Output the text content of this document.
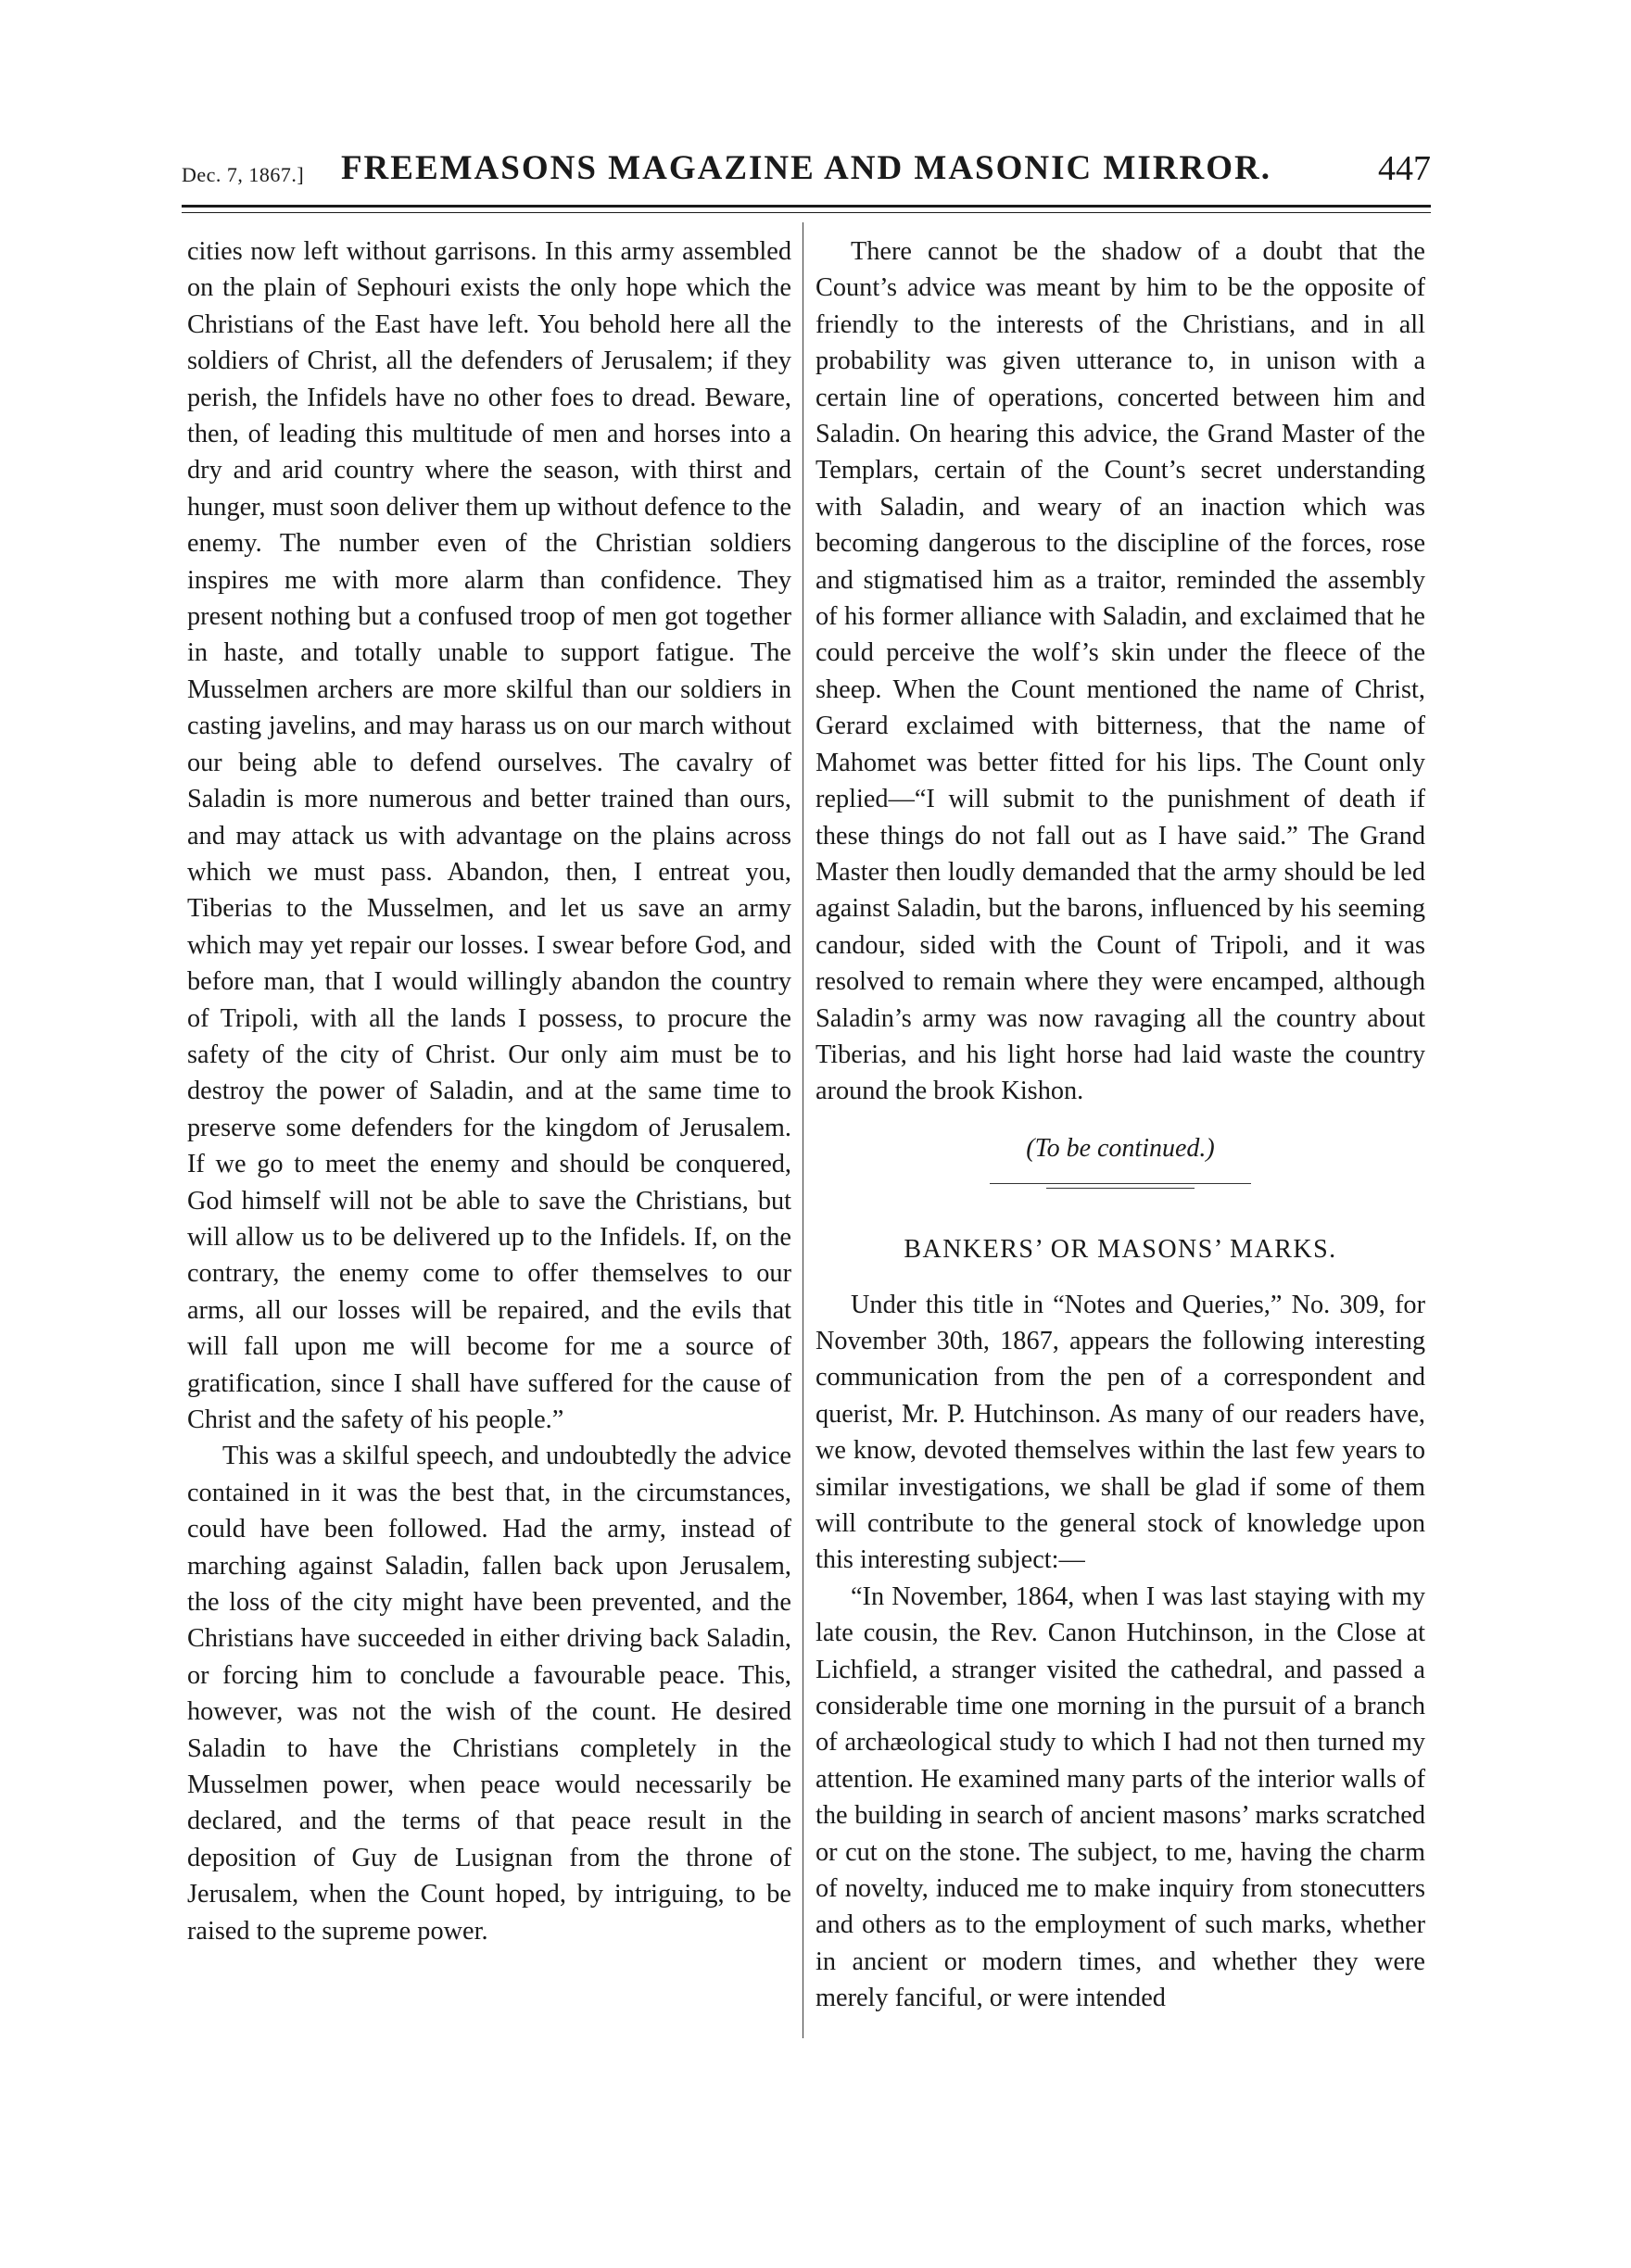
Dec. 7, 1867.]	FREEMASONS MAGAZINE AND MASONIC MIRROR.	447

cities now left without garrisons. In this army assembled on the plain of Sephouri exists the only hope which the Christians of the East have left. You behold here all the soldiers of Christ, all the defenders of Jerusalem; if they perish, the Infidels have no other foes to dread. Beware, then, of leading this multitude of men and horses into a dry and arid country where the season, with thirst and hunger, must soon deliver them up without defence to the enemy. The number even of the Christian soldiers inspires me with more alarm than confidence. They present nothing but a confused troop of men got together in haste, and totally unable to support fatigue. The Musselmen archers are more skilful than our soldiers in casting javelins, and may harass us on our march without our being able to defend ourselves. The cavalry of Saladin is more numerous and better trained than ours, and may attack us with advantage on the plains across which we must pass. Abandon, then, I entreat you, Tiberias to the Musselmen, and let us save an army which may yet repair our losses. I swear before God, and before man, that I would willingly abandon the country of Tripoli, with all the lands I possess, to procure the safety of the city of Christ. Our only aim must be to destroy the power of Saladin, and at the same time to preserve some defenders for the kingdom of Jerusalem. If we go to meet the enemy and should be conquered, God himself will not be able to save the Christians, but will allow us to be delivered up to the Infidels. If, on the contrary, the enemy come to offer themselves to our arms, all our losses will be repaired, and the evils that will fall upon me will become for me a source of gratification, since I shall have suffered for the cause of Christ and the safety of his people.”

This was a skilful speech, and undoubtedly the advice contained in it was the best that, in the circumstances, could have been followed. Had the army, instead of marching against Saladin, fallen back upon Jerusalem, the loss of the city might have been prevented, and the Christians have succeeded in either driving back Saladin, or forcing him to conclude a favourable peace. This, however, was not the wish of the count. He desired Saladin to have the Christians completely in the Musselmen power, when peace would necessarily be declared, and the terms of that peace result in the deposition of Guy de Lusignan from the throne of Jerusalem, when the Count hoped, by intriguing, to be raised to the supreme power.

There cannot be the shadow of a doubt that the Count’s advice was meant by him to be the opposite of friendly to the interests of the Christians, and in all probability was given utterance to, in unison with a certain line of operations, concerted between him and Saladin. On hearing this advice, the Grand Master of the Templars, certain of the Count’s secret understanding with Saladin, and weary of an inaction which was becoming dangerous to the discipline of the forces, rose and stigmatised him as a traitor, reminded the assembly of his former alliance with Saladin, and exclaimed that he could perceive the wolf’s skin under the fleece of the sheep. When the Count mentioned the name of Christ, Gerard exclaimed with bitterness, that the name of Mahomet was better fitted for his lips. The Count only replied—“I will submit to the punishment of death if these things do not fall out as I have said.” The Grand Master then loudly demanded that the army should be led against Saladin, but the barons, influenced by his seeming candour, sided with the Count of Tripoli, and it was resolved to remain where they were encamped, although Saladin’s army was now ravaging all the country about Tiberias, and his light horse had laid waste the country around the brook Kishon.

(To be continued.)

BANKERS’ OR MASONS’ MARKS.

Under this title in “Notes and Queries,” No. 309, for November 30th, 1867, appears the following interesting communication from the pen of a correspondent and querist, Mr. P. Hutchinson. As many of our readers have, we know, devoted themselves within the last few years to similar investigations, we shall be glad if some of them will contribute to the general stock of knowledge upon this interesting subject:—

“In November, 1864, when I was last staying with my late cousin, the Rev. Canon Hutchinson, in the Close at Lichfield, a stranger visited the cathedral, and passed a considerable time one morning in the pursuit of a branch of archæological study to which I had not then turned my attention. He examined many parts of the interior walls of the building in search of ancient masons’ marks scratched or cut on the stone. The subject, to me, having the charm of novelty, induced me to make inquiry from stonecutters and others as to the employment of such marks, whether in ancient or modern times, and whether they were merely fanciful, or were intended
